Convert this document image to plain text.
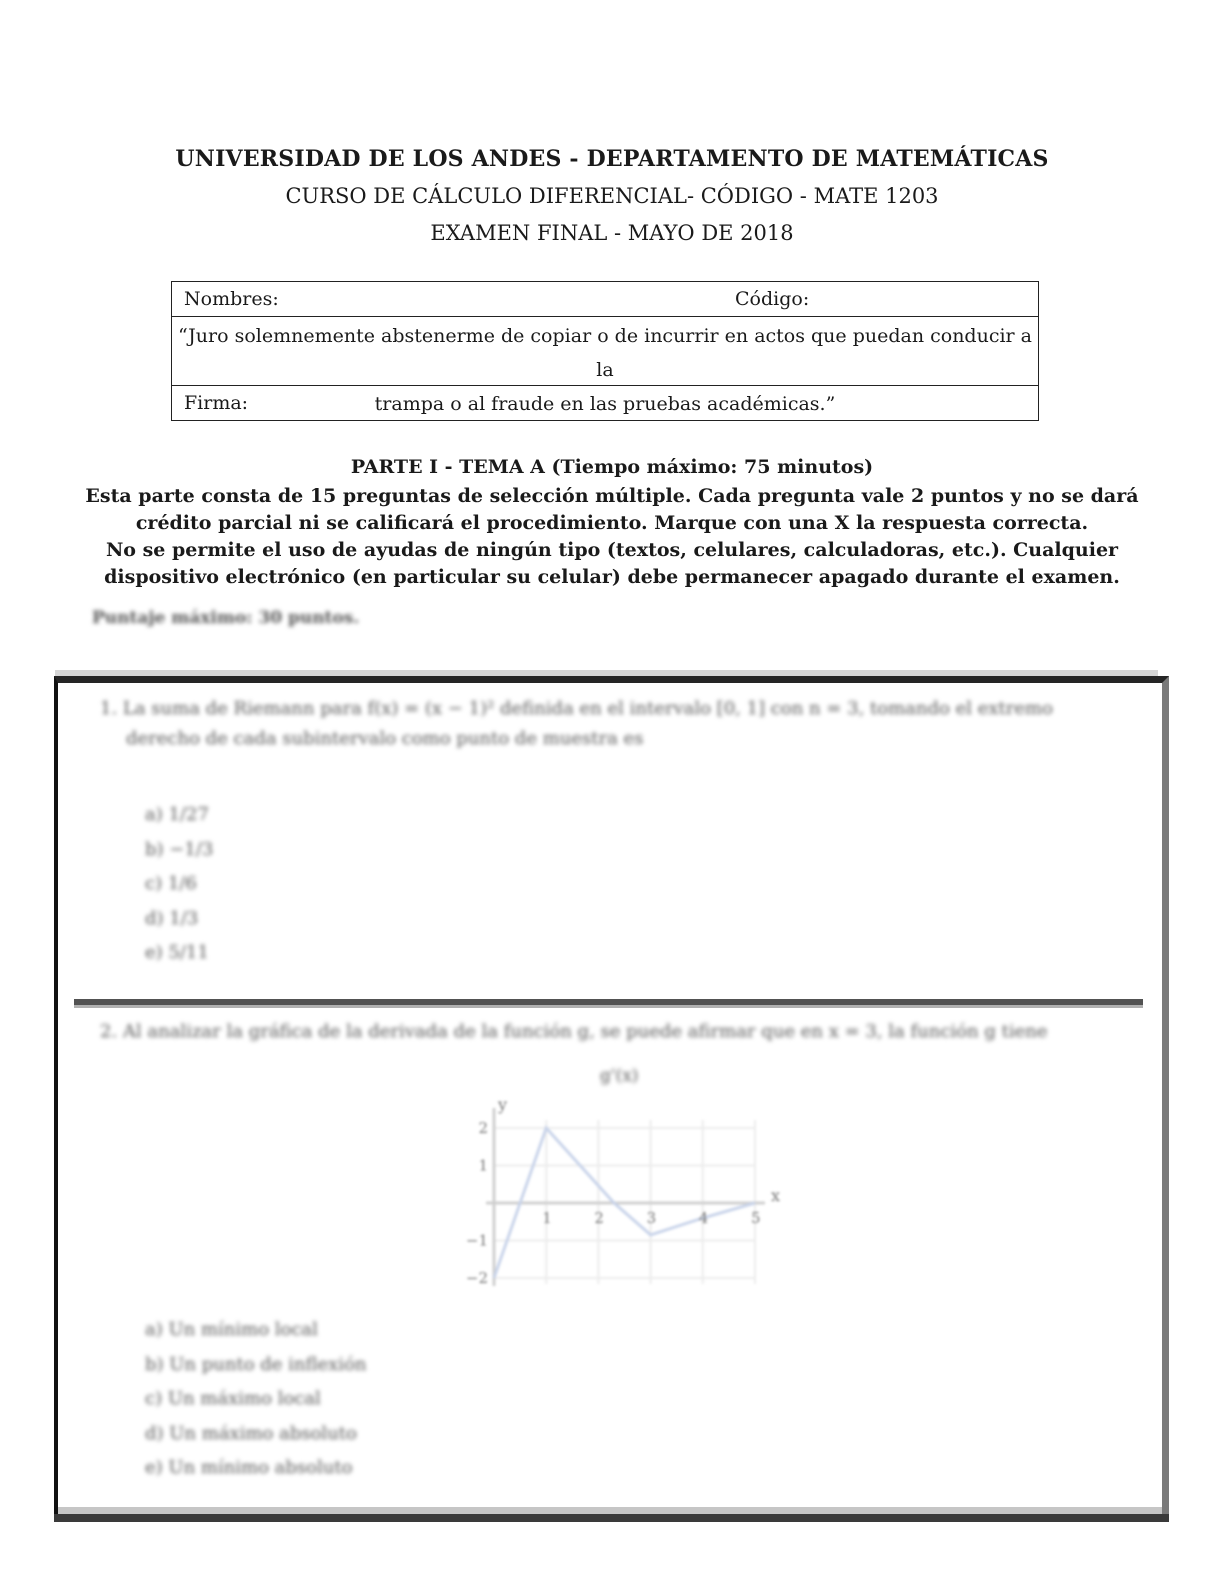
UNIVERSIDAD DE LOS ANDES - DEPARTAMENTO DE MATEMÁTICAS
CURSO DE CÁLCULO DIFERENCIAL- CÓDIGO - MATE 1203
EXAMEN FINAL - MAYO DE 2018
Nombres:	Código:
“Juro solemnemente abstenerme de copiar o de incurrir en actos que puedan conducir a la
trampa o al fraude en las pruebas académicas.”
Firma:
PARTE I - TEMA A (Tiempo máximo: 75 minutos)
Esta parte consta de 15 preguntas de selección múltiple. Cada pregunta vale 2 puntos y no se dará
crédito parcial ni se calificará el procedimiento. Marque con una X la respuesta correcta.
No se permite el uso de ayudas de ningún tipo (textos, celulares, calculadoras, etc.). Cualquier
dispositivo electrónico (en particular su celular) debe permanecer apagado durante el examen.
Puntaje máximo: 30 puntos.
1. La suma de Riemann para f(x) = (x − 1)² definida en el intervalo [0, 1] con n = 3, tomando el extremo
derecho de cada subintervalo como punto de muestra es
a) 1/27
b) −1/3
c) 1/6
d) 1/3
e) 5/11
2. Al analizar la gráfica de la derivada de la función g, se puede afirmar que en x = 3, la función g tiene
g'(x)
1	2	3	4	5
2
1
−1
−2
x
y
a) Un mínimo local
b) Un punto de inflexión
c) Un máximo local
d) Un máximo absoluto
e) Un mínimo absoluto
